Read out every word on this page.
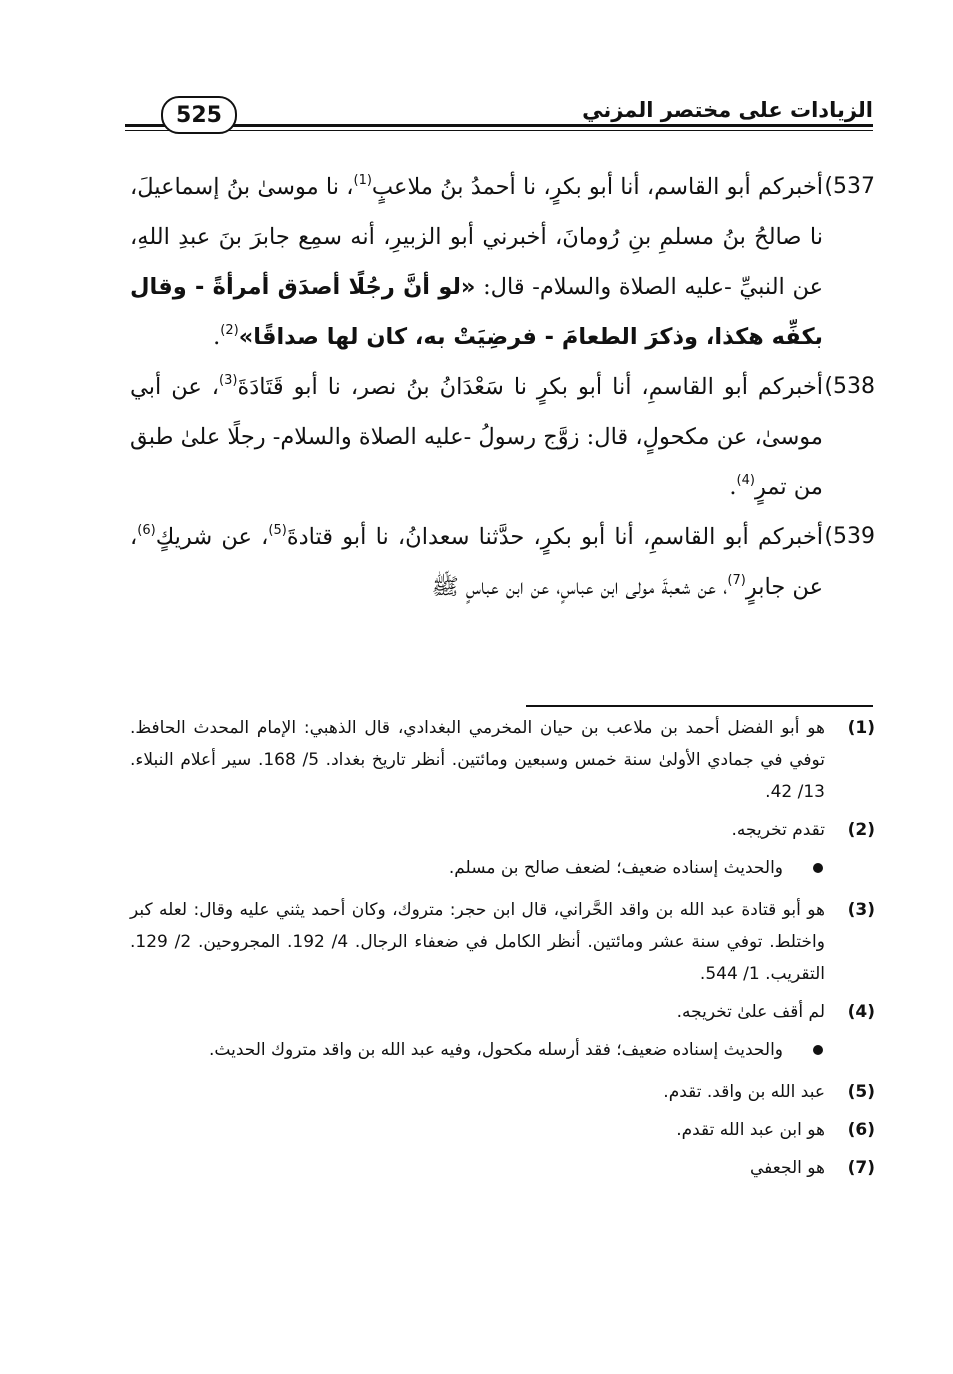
الزيادات على مختصر المزني
525

537)
أخبركم أبو القاسم، أنا أبو بكرٍ، نا أحمدُ بنُ ملاعبٍ$^{(1)}$، نا موسىٰ بنُ إسماعيلَ، نا صالحُ بنُ مسلمِ بنِ رُومانَ، أخبرني أبو الزبيرِ، أنه سمِع جابرَ بنَ عبدِ اللهِ، عن النبيِّ -عليه الصلاة والسلام- قال: «لو أنَّ رجُلًا أصدَق أمرأةً - وقال بكفِّه هكذا، وذكرَ الطعامَ - فرضِيَتْ به، كان لها صداقًا»$^{(2)}$.

538)
أخبركم أبو القاسمِ، أنا أبو بكرٍ نا سَعْدَانُ بنُ نصر، نا أبو قَتَادَةَ$^{(3)}$، عن أبي موسىٰ، عن مكحولٍ، قال: زوَّج رسولُ -عليه الصلاة والسلام- رجلًا علىٰ طبق من تمرٍ$^{(4)}$.

539)
أخبركم أبو القاسمِ، أنا أبو بكرٍ، حدَّثنا سعدانُ، نا أبو قتادةَ$^{(5)}$، عن شريكٍ$^{(6)}$، عن جابرٍ$^{(7)}$، عن شعبةَ مولى ابن عباسٍ، عن ابن عباسٍ ﷺ

(1)
هو أبو الفضل أحمد بن ملاعب بن حيان المخرمي البغدادي، قال الذهبي: الإمام المحدث الحافظ. توفي في جمادي الأولىٰ سنة خمس وسبعين ومائتين. أنظر تاريخ بغداد. 5/ 168. سير أعلام النبلاء. 13/ 42.

(2)
تقدم تخريجه.

والحديث إسناده ضعيف؛ لضعف صالح بن مسلم.

(3)
هو أبو قتادة عبد الله بن واقد الحَّراني، قال ابن حجر: متروك، وكان أحمد يثني عليه وقال: لعله كبر واختلط. توفي سنة عشر ومائتين. أنظر الكامل في ضعفاء الرجال. 4/ 192. المجروحين. 2/ 129. التقريب. 1/ 544.

(4)
لم أقف علىٰ تخريجه.

والحديث إسناده ضعيف؛ فقد أرسله مكحول، وفيه عبد الله بن واقد متروك الحديث.

(5)
عبد الله بن واقد. تقدم.

(6)
هو ابن عبد الله تقدم.

(7)
هو الجعفي
